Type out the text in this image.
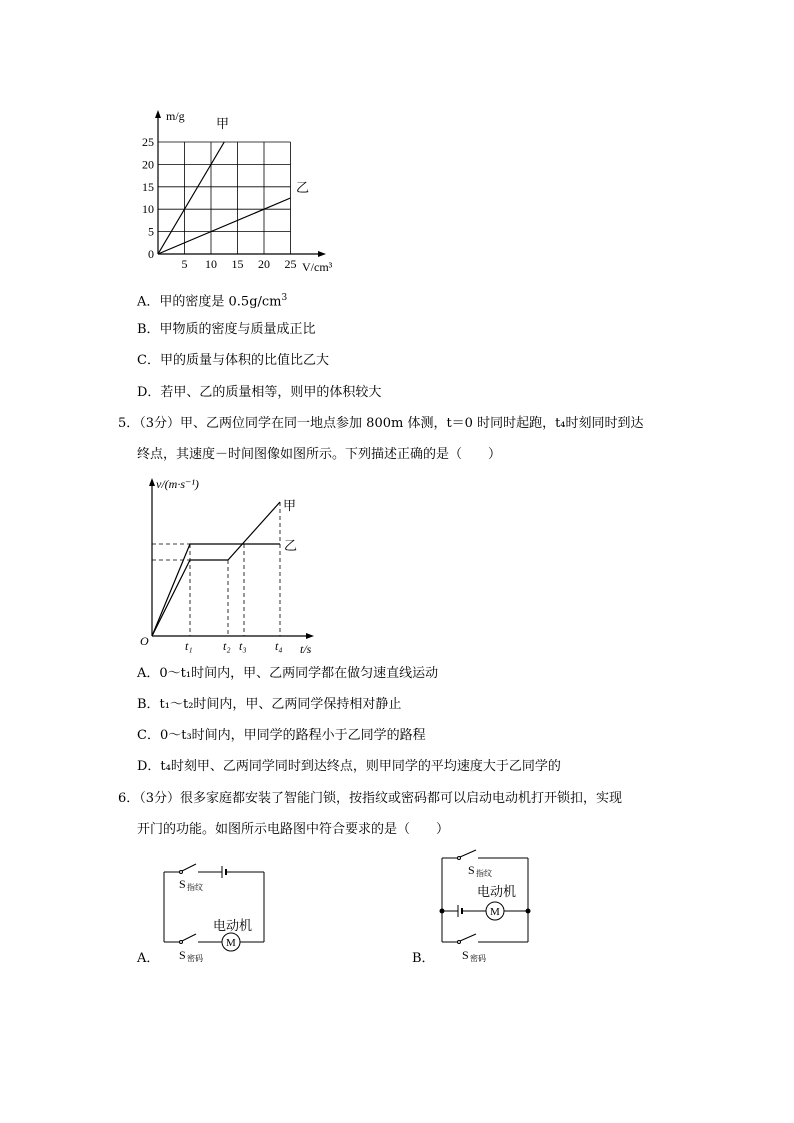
5 10 15 20 25
5
10
15
20
25
m/g
V/cm³
0
甲
乙
A．甲的密度是 $0.5g/cm^3$
B．甲物质的密度与质量成正比
C．甲的质量与体积的比值比乙大
D．若甲、乙的质量相等，则甲的体积较大
5．（3分）甲、乙两位同学在同一地点参加 800m 体测，t＝0 时同时起跑，t₄时刻同时到达
终点，其速度－时间图像如图所示。下列描述正确的是（　　）
v/(m·s⁻¹)
t/s
O	t₁	t₂ t₃ t₄
甲
乙
A．0～t₁时间内，甲、乙两同学都在做匀速直线运动
B．t₁～t₂时间内，甲、乙两同学保持相对静止
C．0～t₃时间内，甲同学的路程小于乙同学的路程
D．t₄时刻甲、乙两同学同时到达终点，则甲同学的平均速度大于乙同学的
6．（3分）很多家庭都安装了智能门锁，按指纹或密码都可以启动电动机打开锁扣，实现
开门的功能。如图所示电路图中符合要求的是（　　）
A．
S 指纹
S 密码
电动机
M
B．
S 指纹
电动机
M
S 密码
